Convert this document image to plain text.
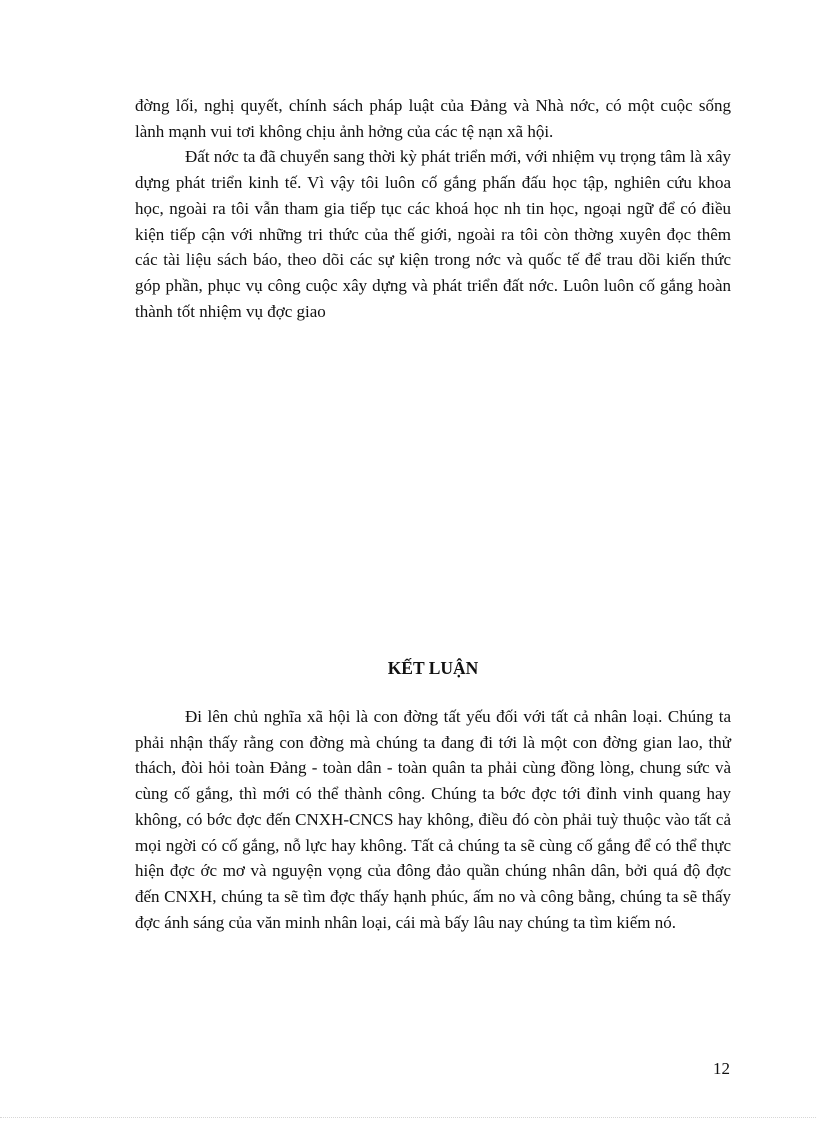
đờng lối, nghị quyết, chính sách pháp luật của Đảng và Nhà nớc, có một cuộc sống lành mạnh vui tơi không chịu ảnh hởng của các tệ nạn xã hội.

Đất nớc ta đã chuyển sang thời kỳ phát triển mới, với nhiệm vụ trọng tâm là xây dựng phát triển kinh tế. Vì vậy tôi luôn cố gắng phấn đấu học tập, nghiên cứu khoa học, ngoài ra tôi vẫn tham gia tiếp tục các khoá học nh tin học, ngoại ngữ để có điều kiện tiếp cận với những tri thức của thế giới, ngoài ra tôi còn thờng xuyên đọc thêm các tài liệu sách báo, theo dõi các sự kiện trong nớc và quốc tế để trau dồi kiến thức góp phần, phục vụ công cuộc xây dựng và phát triển đất nớc. Luôn luôn cố gắng hoàn thành tốt nhiệm vụ đợc giao

KẾT LUẬN

Đi lên chủ nghĩa xã hội là con đờng tất yếu đối với tất cả nhân loại. Chúng ta phải nhận thấy rằng con đờng mà chúng ta đang đi tới là một con đờng gian lao, thử thách, đòi hỏi toàn Đảng - toàn dân - toàn quân ta phải cùng đồng lòng, chung sức và cùng cố gắng, thì mới có thể thành công. Chúng ta bớc đợc tới đỉnh vinh quang hay không, có bớc đợc đến CNXH-CNCS hay không, điều đó còn phải tuỳ thuộc vào tất cả mọi ngời có cố gắng, nỗ lực hay không. Tất cả chúng ta sẽ cùng cố gắng để có thể thực hiện đợc ớc mơ và nguyện vọng của đông đảo quần chúng nhân dân, bởi quá độ đợc đến CNXH, chúng ta sẽ tìm đợc thấy hạnh phúc, ấm no và công bằng, chúng ta sẽ thấy đợc ánh sáng của văn minh nhân loại, cái mà bấy lâu nay chúng ta tìm kiếm nó.

12
